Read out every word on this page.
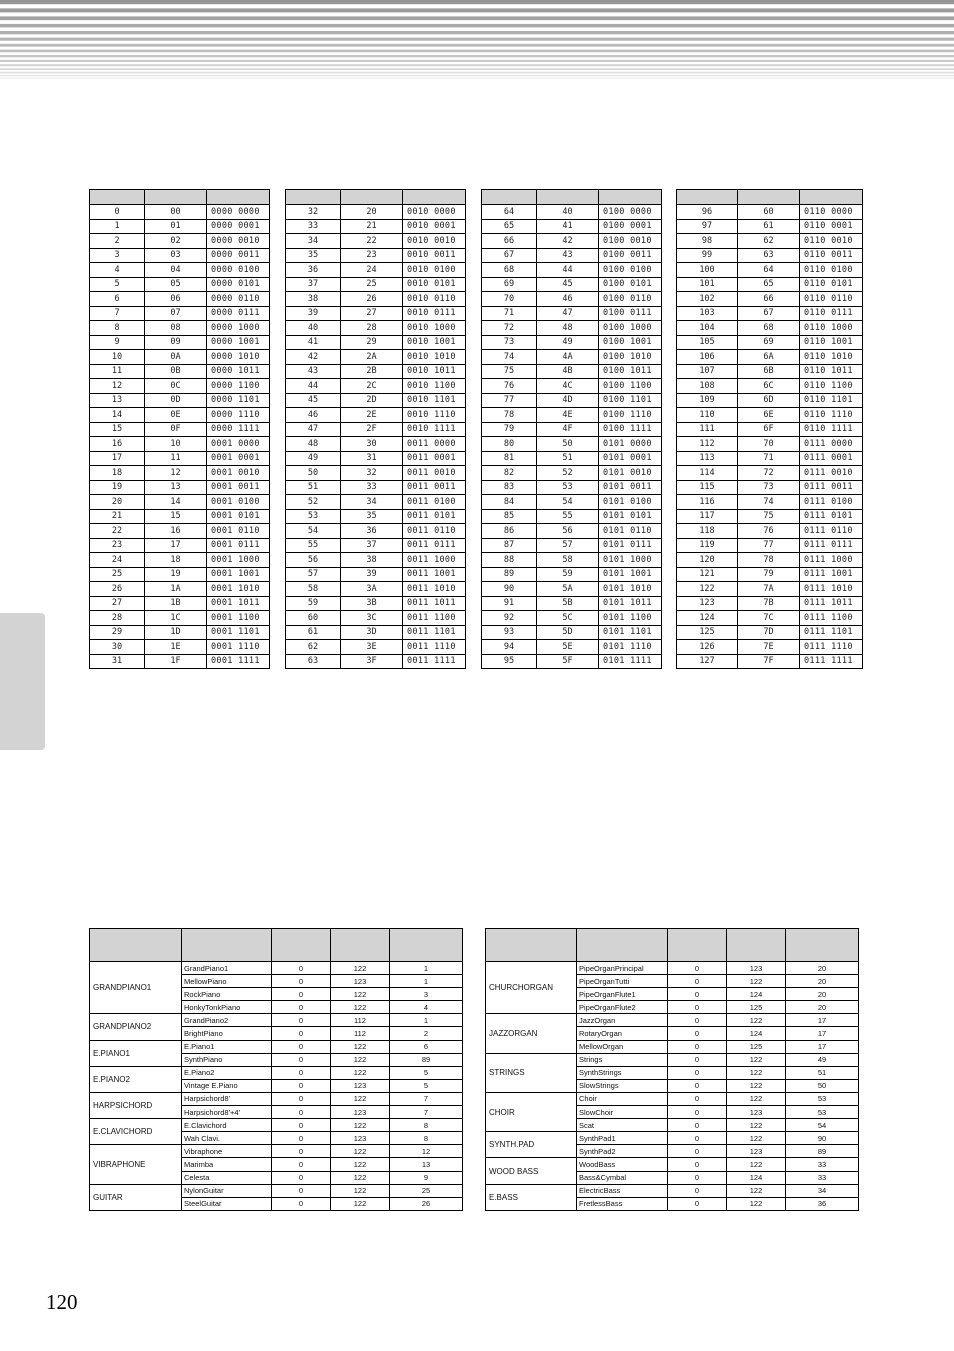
0	00	0000 0000
1	01	0000 0001
2	02	0000 0010
3	03	0000 0011
4	04	0000 0100
5	05	0000 0101
6	06	0000 0110
7	07	0000 0111
8	08	0000 1000
9	09	0000 1001
10	0A	0000 1010
11	0B	0000 1011
12	0C	0000 1100
13	0D	0000 1101
14	0E	0000 1110
15	0F	0000 1111
16	10	0001 0000
17	11	0001 0001
18	12	0001 0010
19	13	0001 0011
20	14	0001 0100
21	15	0001 0101
22	16	0001 0110
23	17	0001 0111
24	18	0001 1000
25	19	0001 1001
26	1A	0001 1010
27	1B	0001 1011
28	1C	0001 1100
29	1D	0001 1101
30	1E	0001 1110
31	1F	0001 1111

32	20	0010 0000
33	21	0010 0001
34	22	0010 0010
35	23	0010 0011
36	24	0010 0100
37	25	0010 0101
38	26	0010 0110
39	27	0010 0111
40	28	0010 1000
41	29	0010 1001
42	2A	0010 1010
43	2B	0010 1011
44	2C	0010 1100
45	2D	0010 1101
46	2E	0010 1110
47	2F	0010 1111
48	30	0011 0000
49	31	0011 0001
50	32	0011 0010
51	33	0011 0011
52	34	0011 0100
53	35	0011 0101
54	36	0011 0110
55	37	0011 0111
56	38	0011 1000
57	39	0011 1001
58	3A	0011 1010
59	3B	0011 1011
60	3C	0011 1100
61	3D	0011 1101
62	3E	0011 1110
63	3F	0011 1111

64	40	0100 0000
65	41	0100 0001
66	42	0100 0010
67	43	0100 0011
68	44	0100 0100
69	45	0100 0101
70	46	0100 0110
71	47	0100 0111
72	48	0100 1000
73	49	0100 1001
74	4A	0100 1010
75	4B	0100 1011
76	4C	0100 1100
77	4D	0100 1101
78	4E	0100 1110
79	4F	0100 1111
80	50	0101 0000
81	51	0101 0001
82	52	0101 0010
83	53	0101 0011
84	54	0101 0100
85	55	0101 0101
86	56	0101 0110
87	57	0101 0111
88	58	0101 1000
89	59	0101 1001
90	5A	0101 1010
91	5B	0101 1011
92	5C	0101 1100
93	5D	0101 1101
94	5E	0101 1110
95	5F	0101 1111

96	60	0110 0000
97	61	0110 0001
98	62	0110 0010
99	63	0110 0011
100	64	0110 0100
101	65	0110 0101
102	66	0110 0110
103	67	0110 0111
104	68	0110 1000
105	69	0110 1001
106	6A	0110 1010
107	6B	0110 1011
108	6C	0110 1100
109	6D	0110 1101
110	6E	0110 1110
111	6F	0110 1111
112	70	0111 0000
113	71	0111 0001
114	72	0111 0010
115	73	0111 0011
116	74	0111 0100
117	75	0111 0101
118	76	0111 0110
119	77	0111 0111
120	78	0111 1000
121	79	0111 1001
122	7A	0111 1010
123	7B	0111 1011
124	7C	0111 1100
125	7D	0111 1101
126	7E	0111 1110
127	7F	0111 1111

GRANDPIANO1	GrandPiano1	0	122	1
	MellowPiano	0	123	1
	RockPiano	0	122	3
	HonkyTonkPiano	0	122	4
GRANDPIANO2	GrandPiano2	0	112	1
	BrightPiano	0	112	2
E.PIANO1	E.Piano1	0	122	6
	SynthPiano	0	122	89
E.PIANO2	E.Piano2	0	122	5
	Vintage E.Piano	0	123	5
HARPSICHORD	Harpsichord8'	0	122	7
	Harpsichord8'+4'	0	123	7
E.CLAVICHORD	E.Clavichord	0	122	8
	Wah Clavi.	0	123	8
VIBRAPHONE	Vibraphone	0	122	12
	Marimba	0	122	13
	Celesta	0	122	9
GUITAR	NylonGuitar	0	122	25
	SteelGuitar	0	122	26

CHURCHORGAN	PipeOrganPrincipal	0	123	20
	PipeOrganTutti	0	122	20
	PipeOrganFlute1	0	124	20
	PipeOrganFlute2	0	125	20
JAZZORGAN	JazzOrgan	0	122	17
	RotaryOrgan	0	124	17
	MellowOrgan	0	125	17
STRINGS	Strings	0	122	49
	SynthStrings	0	122	51
	SlowStrings	0	122	50
CHOIR	Choir	0	122	53
	SlowChoir	0	123	53
	Scat	0	122	54
SYNTH.PAD	SynthPad1	0	122	90
	SynthPad2	0	123	89
WOOD BASS	WoodBass	0	122	33
	Bass&Cymbal	0	124	33
E.BASS	ElectricBass	0	122	34
	FretlessBass	0	122	36
120
